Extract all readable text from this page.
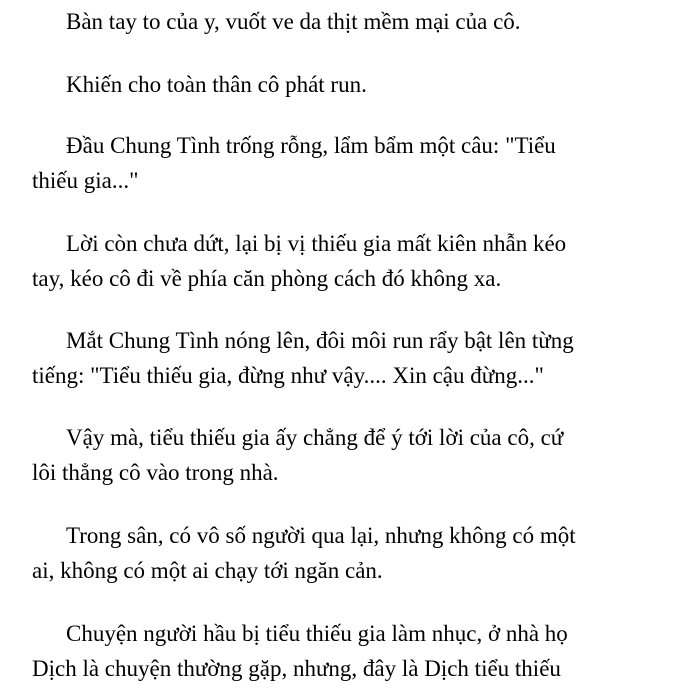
Bàn tay to của y, vuốt ve da thịt mềm mại của cô.

Khiến cho toàn thân cô phát run.

Đầu Chung Tình trống rỗng, lẩm bẩm một câu: "Tiểu
thiếu gia..."

Lời còn chưa dứt, lại bị vị thiếu gia mất kiên nhẫn kéo
tay, kéo cô đi về phía căn phòng cách đó không xa.

Mắt Chung Tình nóng lên, đôi môi run rẩy bật lên từng
tiếng: "Tiểu thiếu gia, đừng như vậy.... Xin cậu đừng..."

Vậy mà, tiểu thiếu gia ấy chẳng để ý tới lời của cô, cứ
lôi thẳng cô vào trong nhà.

Trong sân, có vô số người qua lại, nhưng không có một
ai, không có một ai chạy tới ngăn cản.

Chuyện người hầu bị tiểu thiếu gia làm nhục, ở nhà họ
Dịch là chuyện thường gặp, nhưng, đây là Dịch tiểu thiếu
